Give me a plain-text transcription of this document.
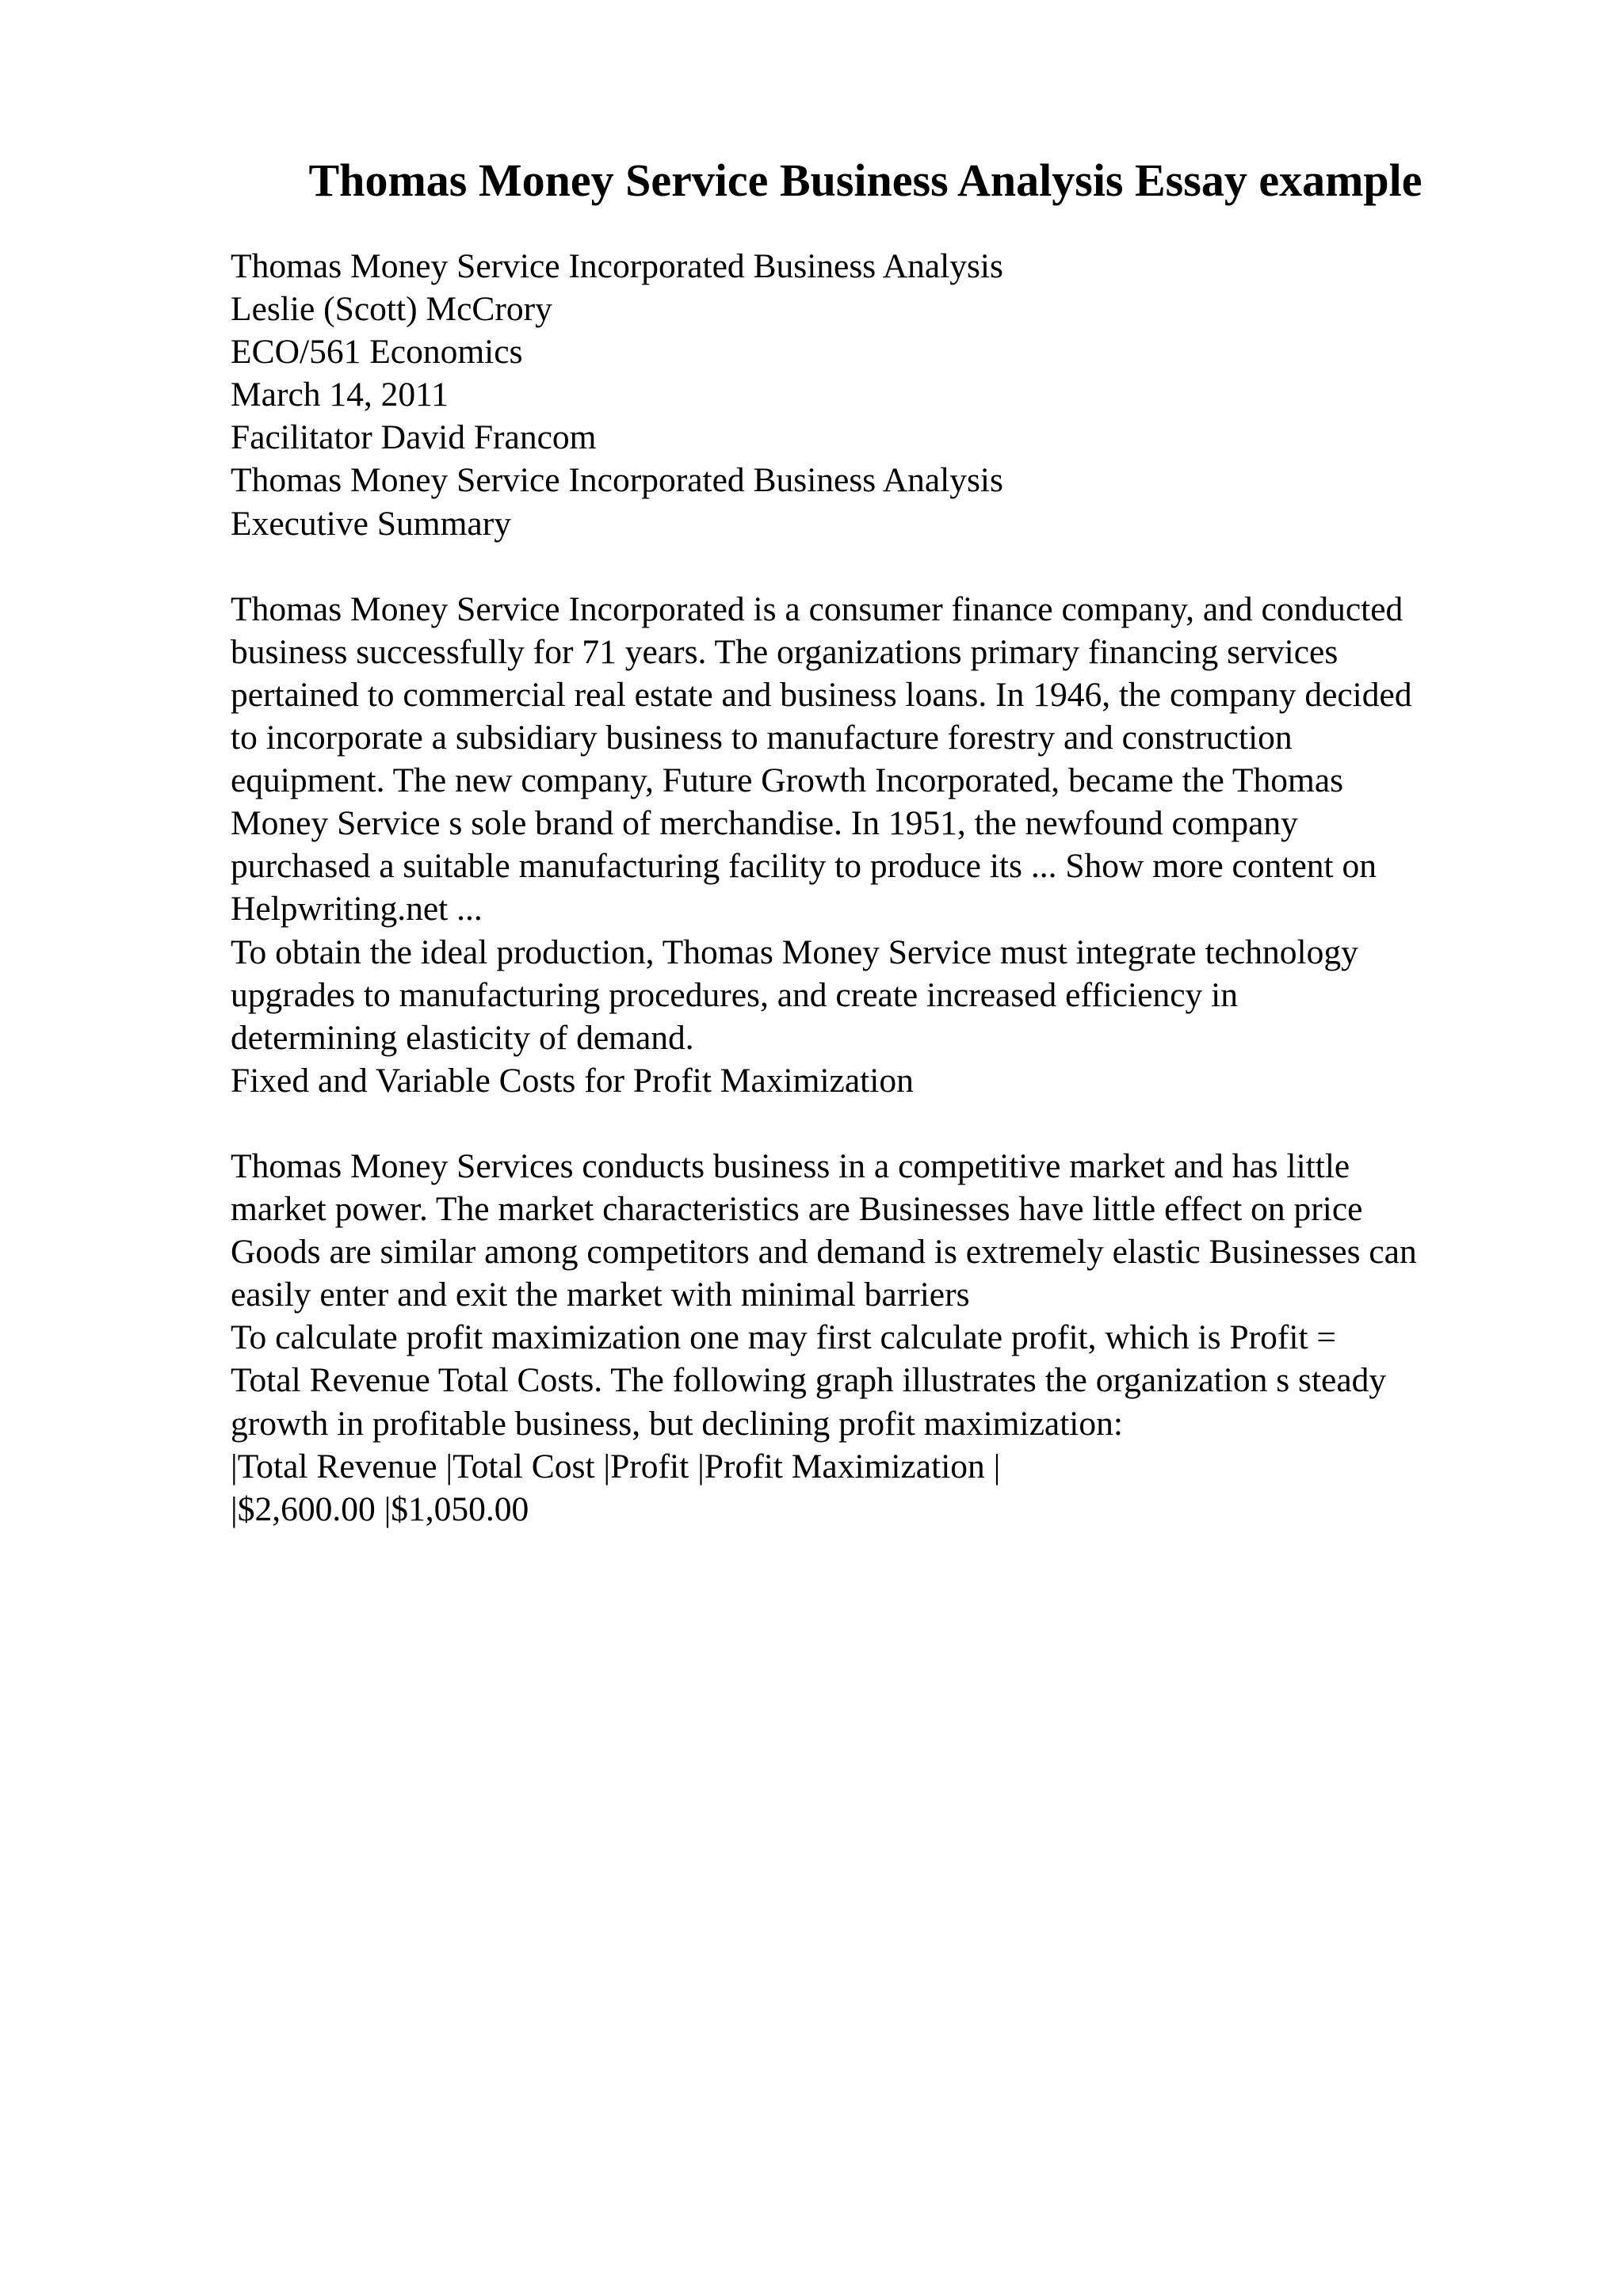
Thomas Money Service Business Analysis Essay example
Thomas Money Service Incorporated Business Analysis
Leslie (Scott) McCrory
ECO/561 Economics
March 14, 2011
Facilitator David Francom
Thomas Money Service Incorporated Business Analysis
Executive Summary
Thomas Money Service Incorporated is a consumer finance company, and conducted
business successfully for 71 years. The organizations primary financing services
pertained to commercial real estate and business loans. In 1946, the company decided
to incorporate a subsidiary business to manufacture forestry and construction
equipment. The new company, Future Growth Incorporated, became the Thomas
Money Service s sole brand of merchandise. In 1951, the newfound company
purchased a suitable manufacturing facility to produce its ... Show more content on
Helpwriting.net ...
To obtain the ideal production, Thomas Money Service must integrate technology
upgrades to manufacturing procedures, and create increased efficiency in
determining elasticity of demand.
Fixed and Variable Costs for Profit Maximization
Thomas Money Services conducts business in a competitive market and has little
market power. The market characteristics are Businesses have little effect on price
Goods are similar among competitors and demand is extremely elastic Businesses can
easily enter and exit the market with minimal barriers
To calculate profit maximization one may first calculate profit, which is Profit =
Total Revenue Total Costs. The following graph illustrates the organization s steady
growth in profitable business, but declining profit maximization:
|Total Revenue |Total Cost |Profit |Profit Maximization |
|$2,600.00 |$1,050.00
